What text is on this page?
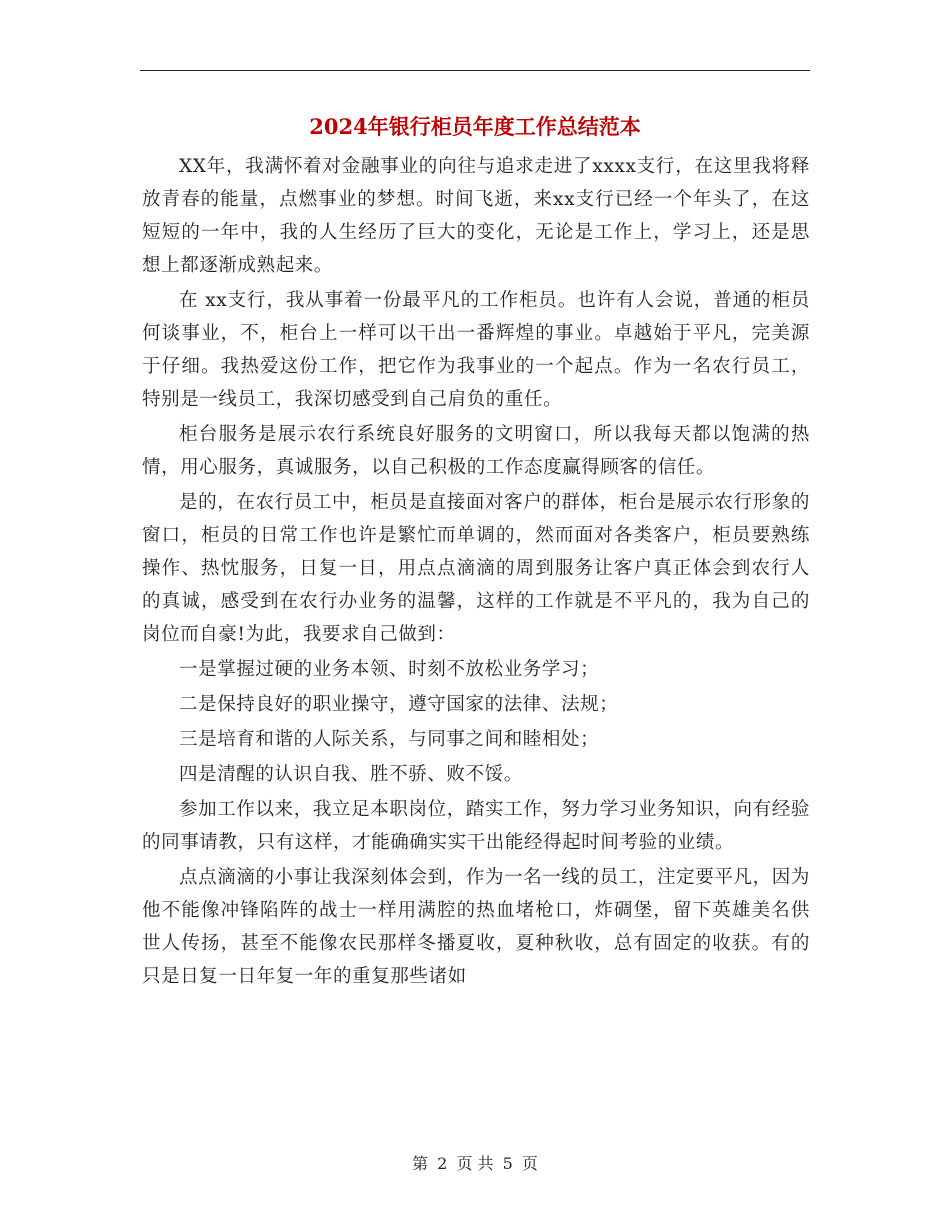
2024年银行柜员年度工作总结范本

XX年，我满怀着对金融事业的向往与追求走进了xxxx支行，在这里我将释放青春的能量，点燃事业的梦想。时间飞逝，来xx支行已经一个年头了，在这短短的一年中，我的人生经历了巨大的变化，无论是工作上，学习上，还是思想上都逐渐成熟起来。

在 xx支行，我从事着一份最平凡的工作柜员。也许有人会说，普通的柜员何谈事业，不，柜台上一样可以干出一番辉煌的事业。卓越始于平凡，完美源于仔细。我热爱这份工作，把它作为我事业的一个起点。作为一名农行员工，特别是一线员工，我深切感受到自己肩负的重任。

柜台服务是展示农行系统良好服务的文明窗口，所以我每天都以饱满的热情，用心服务，真诚服务，以自己积极的工作态度赢得顾客的信任。

是的，在农行员工中，柜员是直接面对客户的群体，柜台是展示农行形象的窗口，柜员的日常工作也许是繁忙而单调的，然而面对各类客户，柜员要熟练操作、热忱服务，日复一日，用点点滴滴的周到服务让客户真正体会到农行人的真诚，感受到在农行办业务的温馨，这样的工作就是不平凡的，我为自己的岗位而自豪!为此，我要求自己做到：

一是掌握过硬的业务本领、时刻不放松业务学习；

二是保持良好的职业操守，遵守国家的法律、法规；

三是培育和谐的人际关系，与同事之间和睦相处；

四是清醒的认识自我、胜不骄、败不馁。

参加工作以来，我立足本职岗位，踏实工作，努力学习业务知识，向有经验的同事请教，只有这样，才能确确实实干出能经得起时间考验的业绩。

点点滴滴的小事让我深刻体会到，作为一名一线的员工，注定要平凡，因为他不能像冲锋陷阵的战士一样用满腔的热血堵枪口，炸碉堡，留下英雄美名供世人传扬，甚至不能像农民那样冬播夏收，夏种秋收，总有固定的收获。有的只是日复一日年复一年的重复那些诸如

第 2 页 共 5 页
